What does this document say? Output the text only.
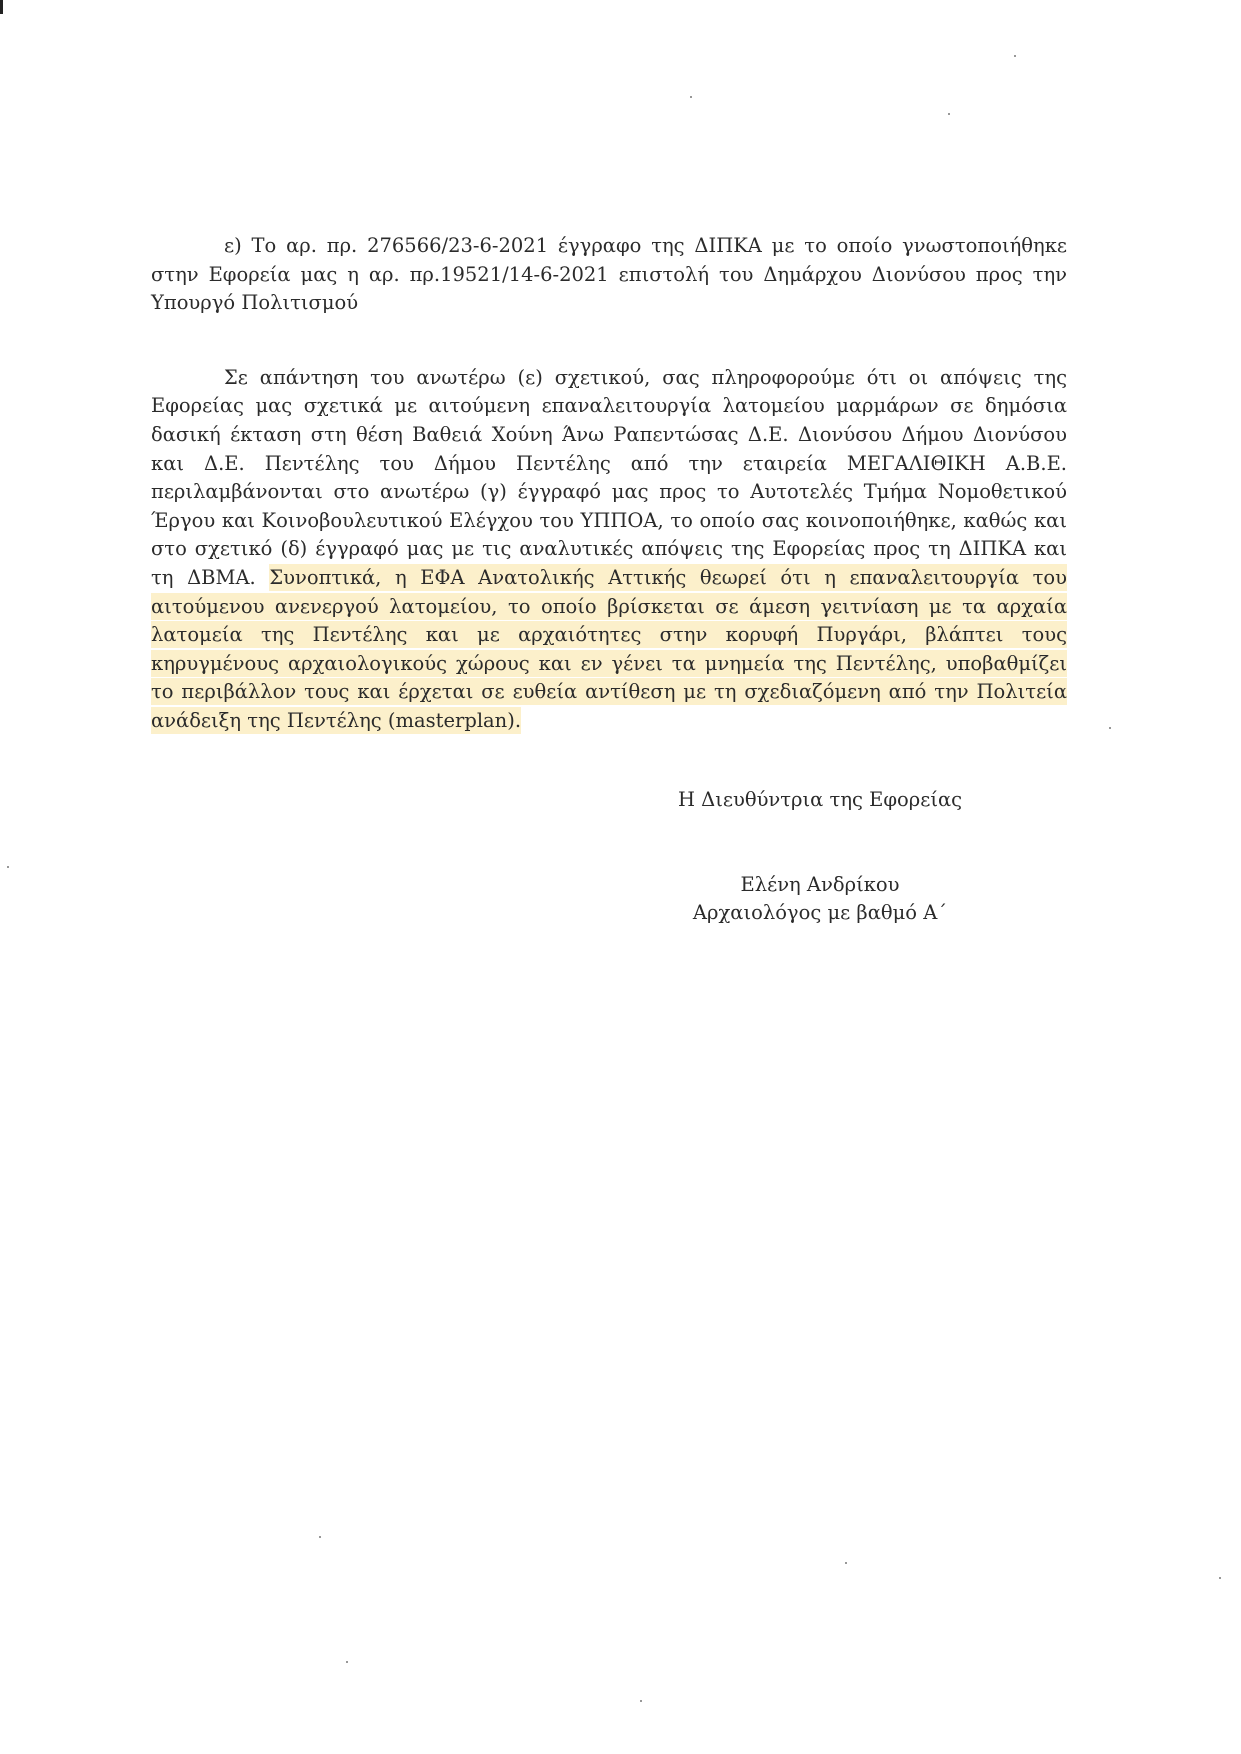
ε) Το αρ. πρ. 276566/23-6-2021 έγγραφο της ΔΙΠΚΑ με το οποίο γνωστοποιήθηκε στην Εφορεία μας η αρ. πρ.19521/14-6-2021 επιστολή του Δημάρχου Διονύσου προς την Υπουργό Πολιτισμού

Σε απάντηση του ανωτέρω (ε) σχετικού, σας πληροφορούμε ότι οι απόψεις της Εφορείας μας σχετικά με αιτούμενη επαναλειτουργία λατομείου μαρμάρων σε δημόσια δασική έκταση στη θέση Βαθειά Χούνη Άνω Ραπεντώσας Δ.Ε. Διονύσου Δήμου Διονύσου και Δ.Ε. Πεντέλης του Δήμου Πεντέλης από την εταιρεία ΜΕΓΑΛΙΘΙΚΗ Α.Β.Ε. περιλαμβάνονται στο ανωτέρω (γ) έγγραφό μας προς το Αυτοτελές Τμήμα Νομοθετικού Έργου και Κοινοβουλευτικού Ελέγχου του ΥΠΠΟΑ, το οποίο σας κοινοποιήθηκε, καθώς και στο σχετικό (δ) έγγραφό μας με τις αναλυτικές απόψεις της Εφορείας προς τη ΔΙΠΚΑ και τη ΔΒΜΑ. Συνοπτικά, η ΕΦΑ Ανατολικής Αττικής θεωρεί ότι η επαναλειτουργία του αιτούμενου ανενεργού λατομείου, το οποίο βρίσκεται σε άμεση γειτνίαση με τα αρχαία λατομεία της Πεντέλης και με αρχαιότητες στην κορυφή Πυργάρι, βλάπτει τους κηρυγμένους αρχαιολογικούς χώρους και εν γένει τα μνημεία της Πεντέλης, υποβαθμίζει το περιβάλλον τους και έρχεται σε ευθεία αντίθεση με τη σχεδιαζόμενη από την Πολιτεία ανάδειξη της Πεντέλης (masterplan).

Η Διευθύντρια της Εφορείας

Ελένη Ανδρίκου

Αρχαιολόγος με βαθμό Α΄
